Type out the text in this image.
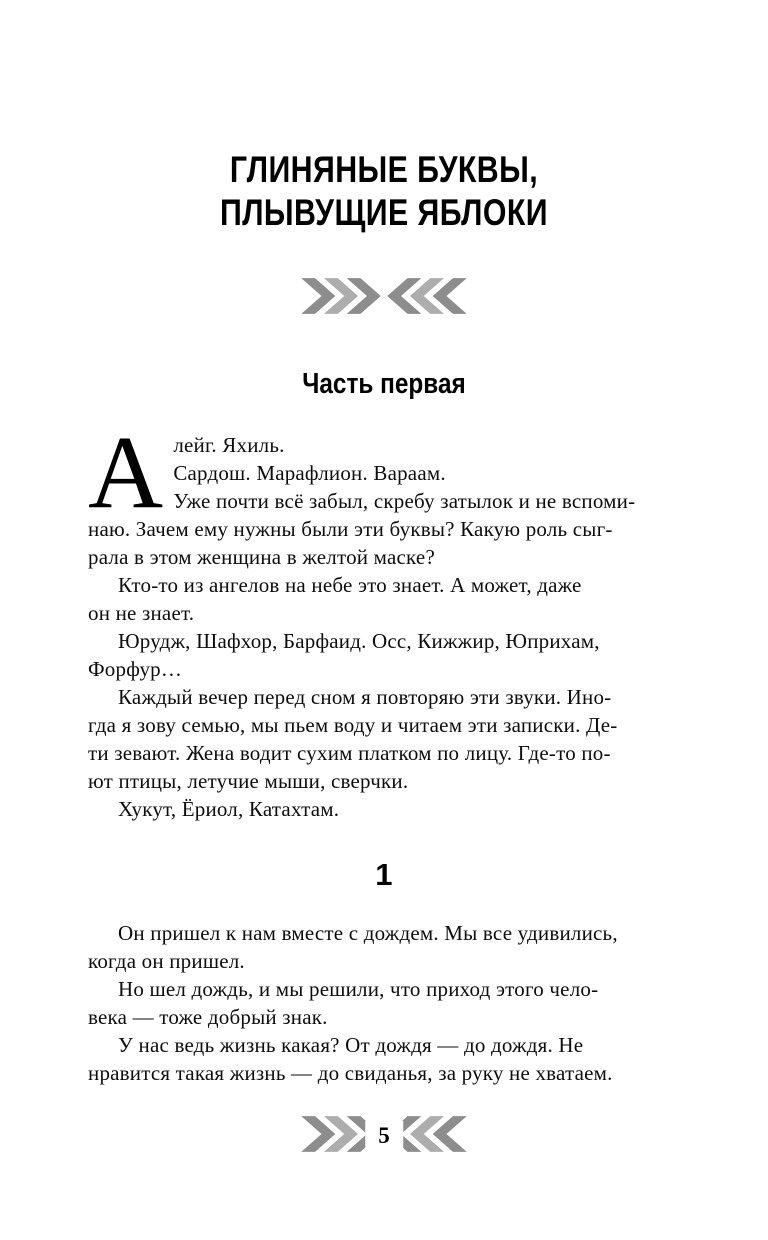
ГЛИНЯНЫЕ БУКВЫ,
ПЛЫВУЩИЕ ЯБЛОКИ
Часть первая
А лейг. Яхиль.
Сардош. Марафлион. Вараам.
Уже почти всё забыл, скребу затылок и не вспоми-
наю. Зачем ему нужны были эти буквы? Какую роль сыг-
рала в этом женщина в желтой маске?
Кто-то из ангелов на небе это знает. А может, даже
он не знает.
Юрудж, Шафхор, Барфаид. Осс, Кижжир, Юприхам,
Форфур…
Каждый вечер перед сном я повторяю эти звуки. Ино-
гда я зову семью, мы пьем воду и читаем эти записки. Де-
ти зевают. Жена водит сухим платком по лицу. Где-то по-
ют птицы, летучие мыши, сверчки.
Хукут, Ёриол, Катахтам.
1
Он пришел к нам вместе с дождем. Мы все удивились,
когда он пришел.
Но шел дождь, и мы решили, что приход этого чело-
века — тоже добрый знак.
У нас ведь жизнь какая? От дождя — до дождя. Не
нравится такая жизнь — до свиданья, за руку не хватаем.
5
